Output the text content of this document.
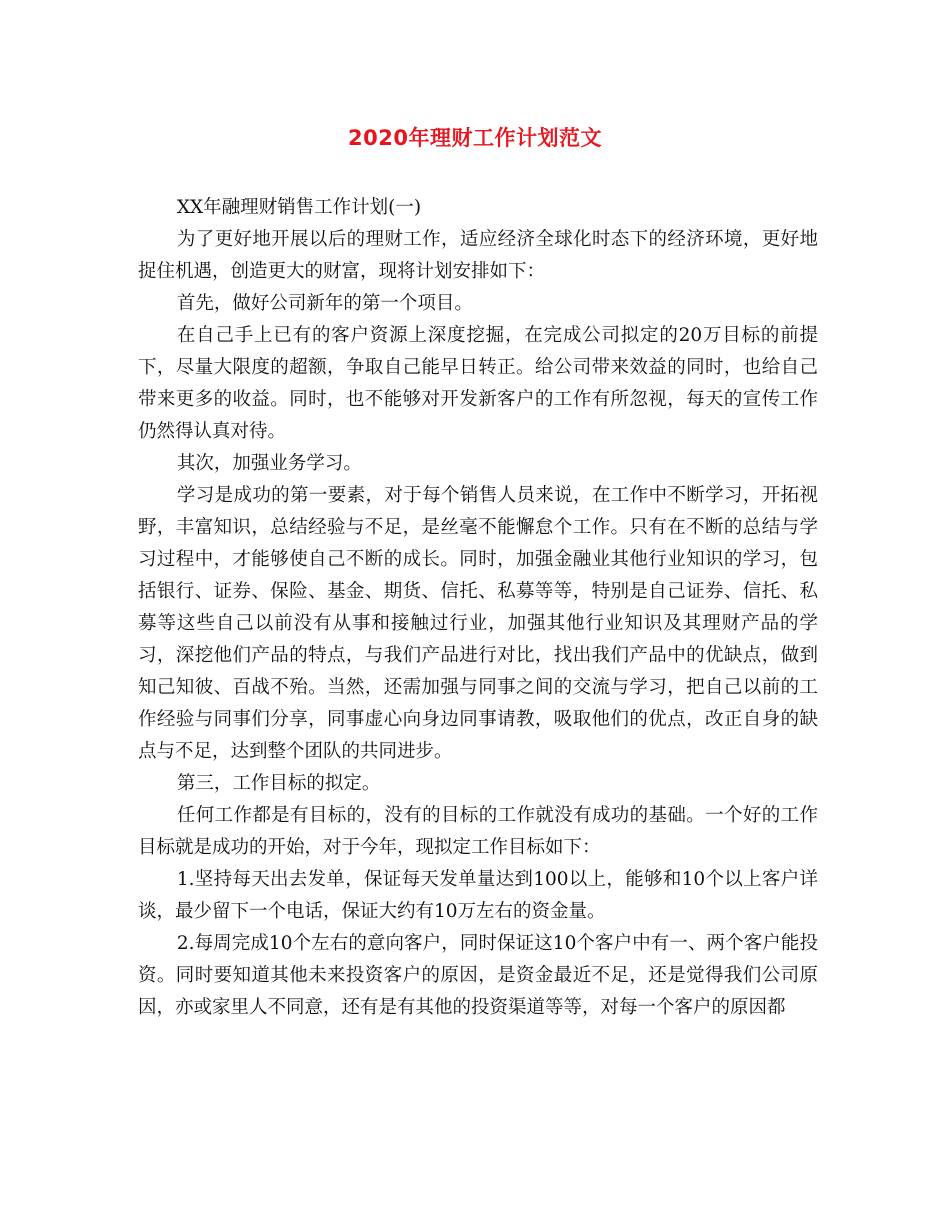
2020年理财工作计划范文

XX年融理财销售工作计划(一)

为了更好地开展以后的理财工作，适应经济全球化时态下的经济环境，更好地捉住机遇，创造更大的财富，现将计划安排如下：

首先，做好公司新年的第一个项目。

在自己手上已有的客户资源上深度挖掘，在完成公司拟定的20万目标的前提下，尽量大限度的超额，争取自己能早日转正。给公司带来效益的同时，也给自己带来更多的收益。同时，也不能够对开发新客户的工作有所忽视，每天的宣传工作仍然得认真对待。

其次，加强业务学习。

学习是成功的第一要素，对于每个销售人员来说，在工作中不断学习，开拓视野，丰富知识，总结经验与不足，是丝毫不能懈怠个工作。只有在不断的总结与学习过程中，才能够使自己不断的成长。同时，加强金融业其他行业知识的学习，包括银行、证券、保险、基金、期货、信托、私募等等，特别是自己证券、信托、私募等这些自己以前没有从事和接触过行业，加强其他行业知识及其理财产品的学习，深挖他们产品的特点，与我们产品进行对比，找出我们产品中的优缺点，做到知己知彼、百战不殆。当然，还需加强与同事之间的交流与学习，把自己以前的工作经验与同事们分享，同事虚心向身边同事请教，吸取他们的优点，改正自身的缺点与不足，达到整个团队的共同进步。

第三，工作目标的拟定。

任何工作都是有目标的，没有的目标的工作就没有成功的基础。一个好的工作目标就是成功的开始，对于今年，现拟定工作目标如下：

1.坚持每天出去发单，保证每天发单量达到100以上，能够和10个以上客户详谈，最少留下一个电话，保证大约有10万左右的资金量。

2.每周完成10个左右的意向客户，同时保证这10个客户中有一、两个客户能投资。同时要知道其他未来投资客户的原因，是资金最近不足，还是觉得我们公司原因，亦或家里人不同意，还有是有其他的投资渠道等等，对每一个客户的原因都
